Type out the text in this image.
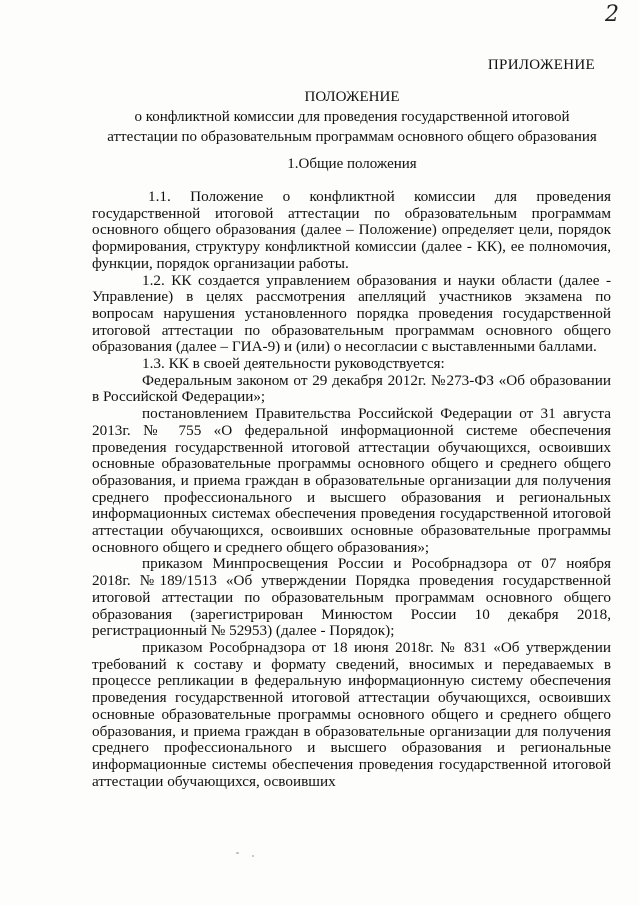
2
ПРИЛОЖЕНИЕ
ПОЛОЖЕНИЕ
о конфликтной комиссии для проведения государственной итоговой
аттестации по образовательным программам основного общего образования
1.Общие положения

1.1. Положение о конфликтной комиссии для проведения государственной итоговой аттестации по образовательным программам основного общего образования (далее – Положение) определяет цели, порядок формирования, структуру конфликтной комиссии (далее - КК), ее полномочия, функции, порядок организации работы.

1.2. КК создается управлением образования и науки области (далее - Управление) в целях рассмотрения апелляций участников экзамена по вопросам нарушения установленного порядка проведения государственной итоговой аттестации по образовательным программам основного общего образования (далее – ГИА-9) и (или) о несогласии с выставленными баллами.

1.3. КК в своей деятельности руководствуется:

Федеральным законом от 29 декабря 2012г. №273-ФЗ «Об образовании в Российской Федерации»;

постановлением Правительства Российской Федерации от 31 августа 2013г. № 755 «О федеральной информационной системе обеспечения проведения государственной итоговой аттестации обучающихся, освоивших основные образовательные программы основного общего и среднего общего образования, и приема граждан в образовательные организации для получения среднего профессионального и высшего образования и региональных информационных системах обеспечения проведения государственной итоговой аттестации обучающихся, освоивших основные образовательные программы основного общего и среднего общего образования»;

приказом Минпросвещения России и Рособрнадзора от 07 ноября 2018г. №189/1513 «Об утверждении Порядка проведения государственной итоговой аттестации по образовательным программам основного общего образования (зарегистрирован Минюстом России 10 декабря 2018, регистрационный № 52953) (далее - Порядок);

приказом Рособрнадзора от 18 июня 2018г. № 831 «Об утверждении требований к составу и формату сведений, вносимых и передаваемых в процессе репликации в федеральную информационную систему обеспечения проведения государственной итоговой аттестации обучающихся, освоивших основные образовательные программы основного общего и среднего общего образования, и приема граждан в образовательные организации для получения среднего профессионального и высшего образования и региональные информационные системы обеспечения проведения государственной итоговой аттестации обучающихся, освоивших
